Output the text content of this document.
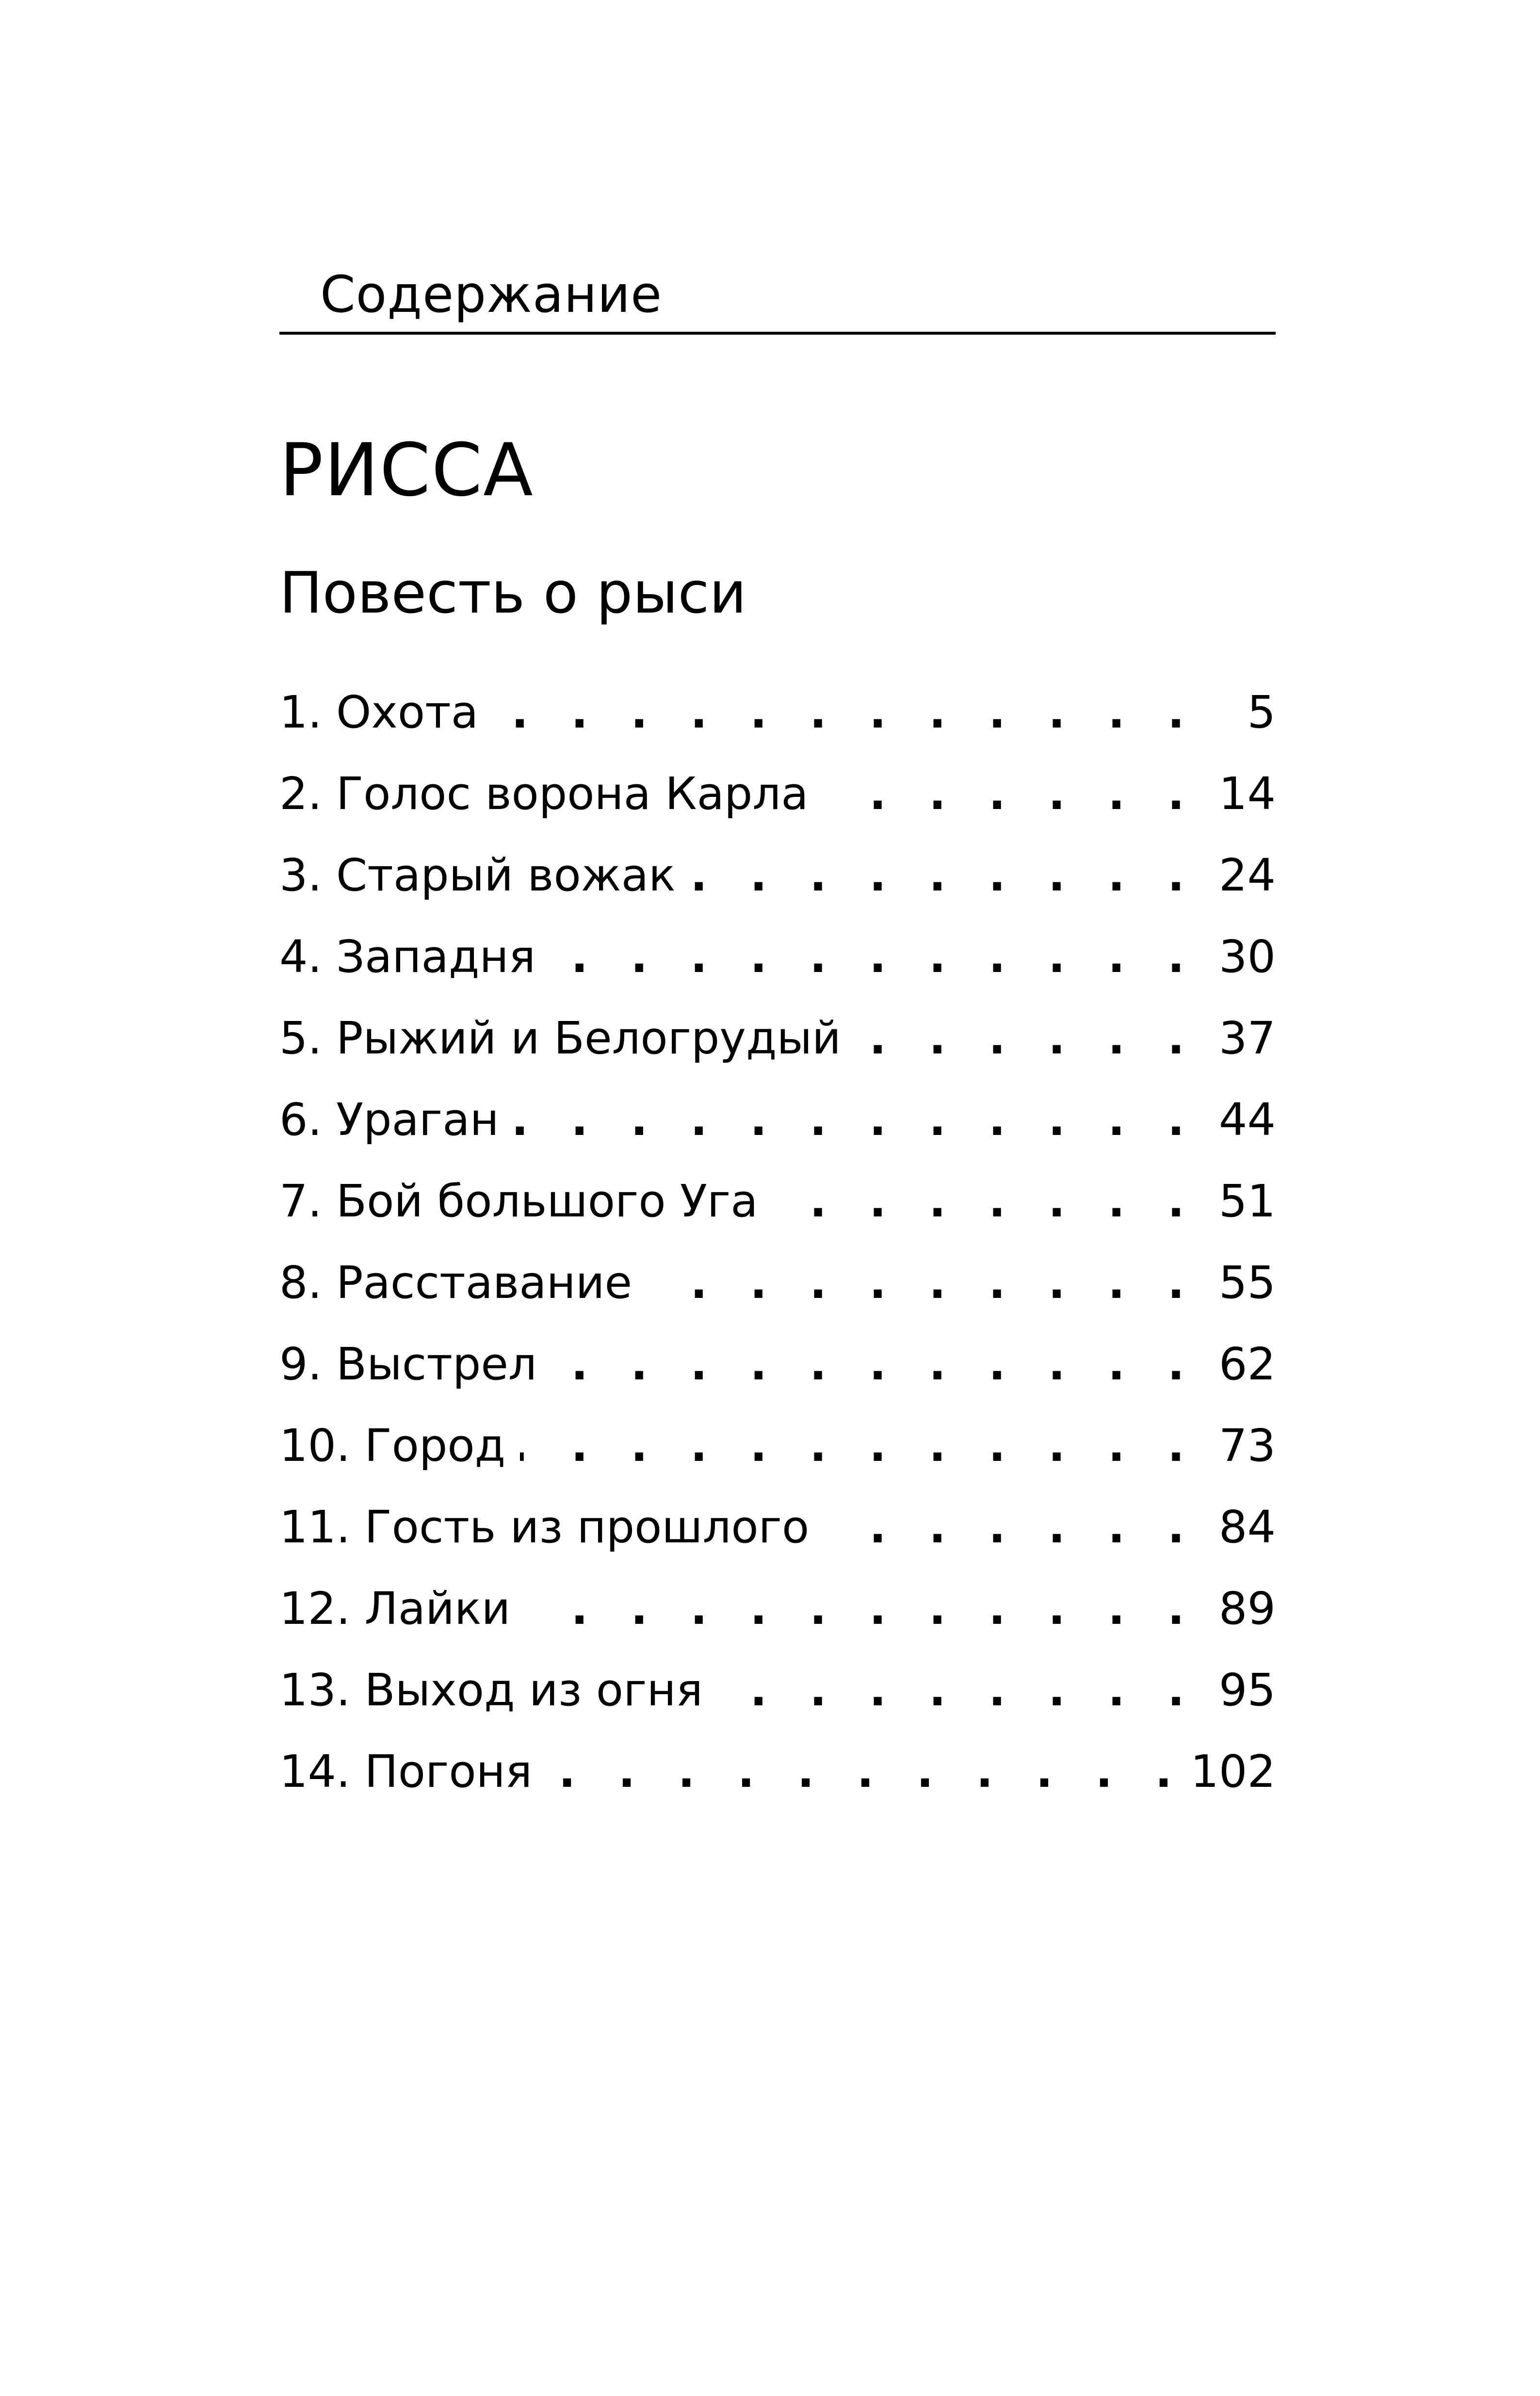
Содержание
РИССА
Повесть о рыси
1. Охота . . .	5
2. Голос ворона Карла . . .	14
3. Старый вожак . . .	24
4. Западня . . .	30
5. Рыжий и Белогрудый . . .	37
6. Ураган . . .	44
7. Бой большого Уга . . .	51
8. Расставание . . .	55
9. Выстрел . . .	62
10. Город . . .	73
11. Гость из прошлого . . .	84
12. Лайки . . .	89
13. Выход из огня . . .	95
14. Погоня . . .	102
